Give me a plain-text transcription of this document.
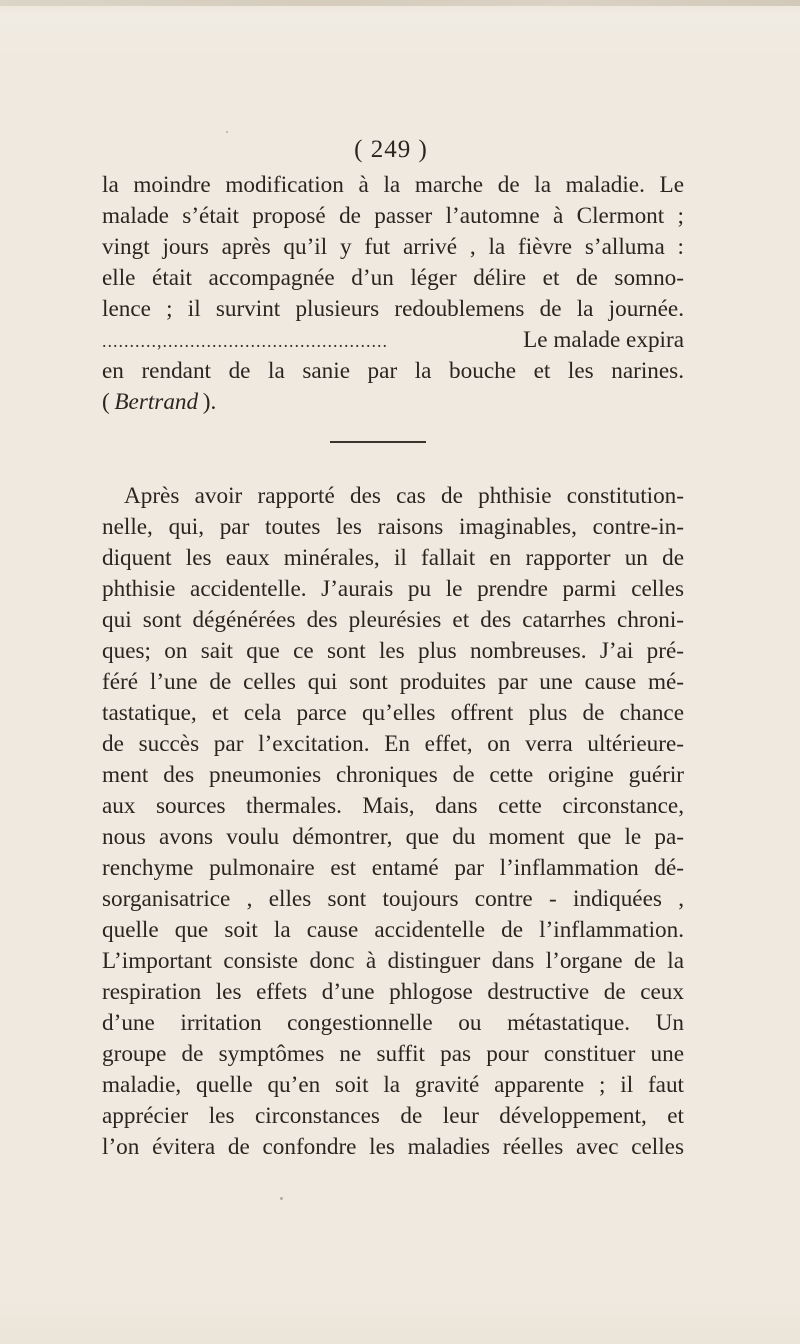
( 249 )
la moindre modification à la marche de la maladie. Le
malade s’était proposé de passer l’automne à Clermont ;
vingt jours après qu’il y fut arrivé , la fièvre s’alluma :
elle était accompagnée d’un léger délire et de somno-
lence ; il survint plusieurs redoublemens de la journée.
..........,.........................................	Le malade expira
en rendant de la sanie par la bouche et les narines.
(  Bertrand  ).
Après avoir rapporté des cas de phthisie constitution-
nelle, qui, par toutes les raisons imaginables, contre-in-
diquent les eaux minérales, il fallait en rapporter un de
phthisie accidentelle. J’aurais pu le prendre parmi celles
qui sont dégénérées des pleurésies et des catarrhes chroni-
ques; on sait que ce sont les plus nombreuses. J’ai pré-
féré l’une de celles qui sont produites par une cause mé-
tastatique, et cela parce qu’elles offrent plus de chance
de succès par l’excitation. En effet, on verra ultérieure-
ment des pneumonies chroniques de cette origine guérir
aux sources thermales. Mais, dans cette circonstance,
nous avons voulu démontrer, que du moment que le pa-
renchyme pulmonaire est entamé par l’inflammation dé-
sorganisatrice , elles sont toujours contre - indiquées ,
quelle que soit la cause accidentelle de l’inflammation.
L’important consiste donc à distinguer dans l’organe de la
respiration les effets d’une phlogose destructive de ceux
d’une irritation congestionnelle ou métastatique. Un
groupe de symptômes ne suffit pas pour constituer une
maladie, quelle qu’en soit la gravité apparente ; il faut
apprécier les circonstances de leur développement, et
l’on évitera de confondre les maladies réelles avec celles
